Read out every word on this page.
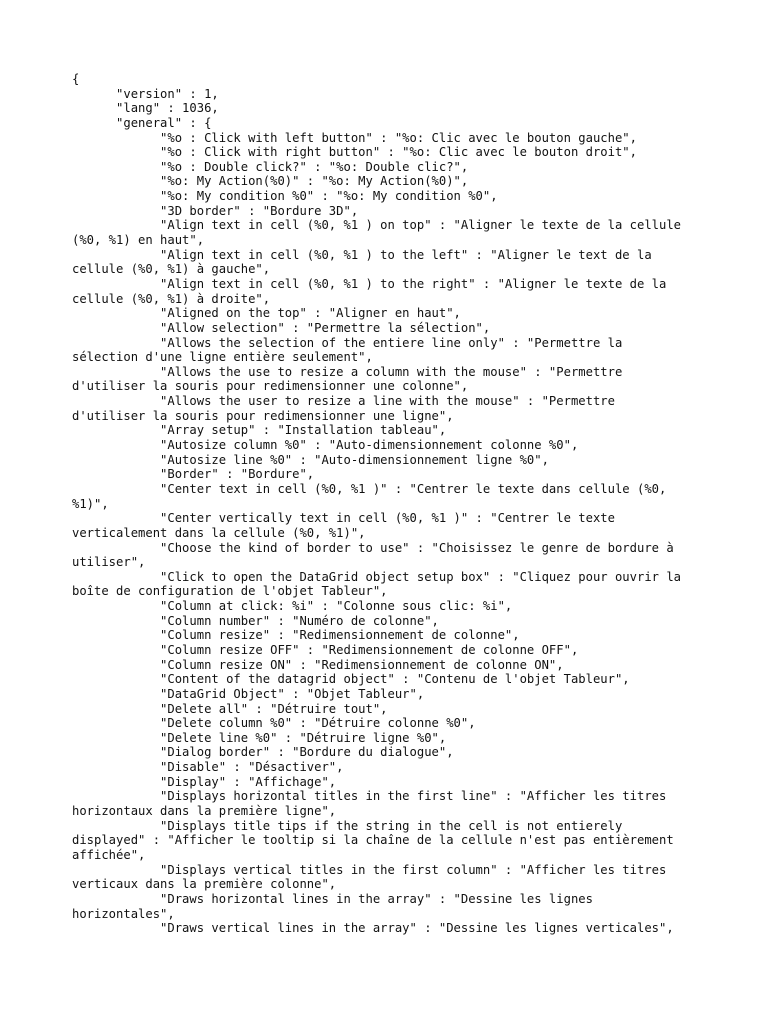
{
"version" : 1,
"lang" : 1036,
"general" : {
"%o : Click with left button" : "%o: Clic avec le bouton gauche",
"%o : Click with right button" : "%o: Clic avec le bouton droit",
"%o : Double click?" : "%o: Double clic?",
"%o: My Action(%0)" : "%o: My Action(%0)",
"%o: My condition %0" : "%o: My condition %0",
"3D border" : "Bordure 3D",
"Align text in cell (%0, %1 ) on top" : "Aligner le texte de la cellule
(%0, %1) en haut",
"Align text in cell (%0, %1 ) to the left" : "Aligner le text de la
cellule (%0, %1) à gauche",
"Align text in cell (%0, %1 ) to the right" : "Aligner le texte de la
cellule (%0, %1) à droite",
"Aligned on the top" : "Aligner en haut",
"Allow selection" : "Permettre la sélection",
"Allows the selection of the entiere line only" : "Permettre la
sélection d'une ligne entière seulement",
"Allows the use to resize a column with the mouse" : "Permettre
d'utiliser la souris pour redimensionner une colonne",
"Allows the user to resize a line with the mouse" : "Permettre
d'utiliser la souris pour redimensionner une ligne",
"Array setup" : "Installation tableau",
"Autosize column %0" : "Auto-dimensionnement colonne %0",
"Autosize line %0" : "Auto-dimensionnement ligne %0",
"Border" : "Bordure",
"Center text in cell (%0, %1 )" : "Centrer le texte dans cellule (%0,
%1)",
"Center vertically text in cell (%0, %1 )" : "Centrer le texte
verticalement dans la cellule (%0, %1)",
"Choose the kind of border to use" : "Choisissez le genre de bordure à
utiliser",
"Click to open the DataGrid object setup box" : "Cliquez pour ouvrir la
boîte de configuration de l'objet Tableur",
"Column at click: %i" : "Colonne sous clic: %i",
"Column number" : "Numéro de colonne",
"Column resize" : "Redimensionnement de colonne",
"Column resize OFF" : "Redimensionnement de colonne OFF",
"Column resize ON" : "Redimensionnement de colonne ON",
"Content of the datagrid object" : "Contenu de l'objet Tableur",
"DataGrid Object" : "Objet Tableur",
"Delete all" : "Détruire tout",
"Delete column %0" : "Détruire colonne %0",
"Delete line %0" : "Détruire ligne %0",
"Dialog border" : "Bordure du dialogue",
"Disable" : "Désactiver",
"Display" : "Affichage",
"Displays horizontal titles in the first line" : "Afficher les titres
horizontaux dans la première ligne",
"Displays title tips if the string in the cell is not entierely
displayed" : "Afficher le tooltip si la chaîne de la cellule n'est pas entièrement
affichée",
"Displays vertical titles in the first column" : "Afficher les titres
verticaux dans la première colonne",
"Draws horizontal lines in the array" : "Dessine les lignes
horizontales",
"Draws vertical lines in the array" : "Dessine les lignes verticales",
